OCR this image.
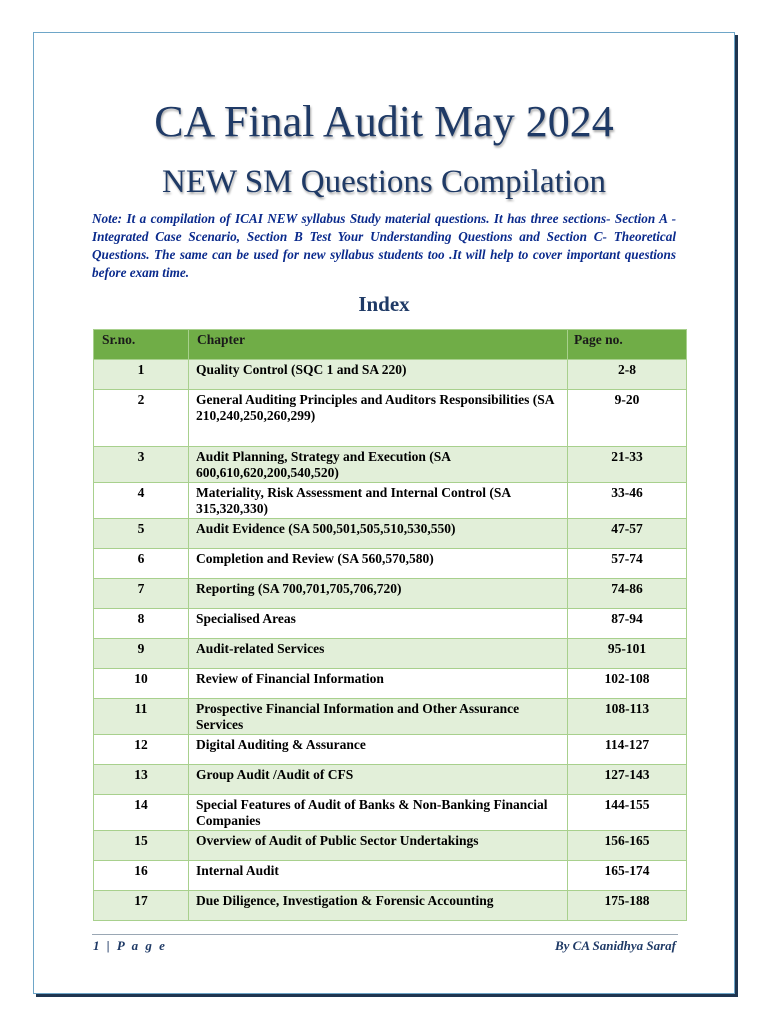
CA Final Audit May 2024
NEW SM Questions Compilation
Note: It a compilation of ICAI NEW syllabus Study material questions. It has three sections- Section A - Integrated Case Scenario, Section B Test Your Understanding Questions and Section C- Theoretical Questions. The same can be used for new syllabus students too .It will help to cover important questions before exam time.
Index
Sr.no.	Chapter	Page no.
1	Quality Control (SQC 1 and SA 220)	2-8
2	General Auditing Principles and Auditors Responsibilities (SA 210,240,250,260,299)	9-20
3	Audit Planning, Strategy and Execution (SA 600,610,620,200,540,520)	21-33
4	Materiality, Risk Assessment and Internal Control (SA 315,320,330)	33-46
5	Audit Evidence (SA 500,501,505,510,530,550)	47-57
6	Completion and Review (SA 560,570,580)	57-74
7	Reporting (SA 700,701,705,706,720)	74-86
8	Specialised Areas	87-94
9	Audit-related Services	95-101
10	Review of Financial Information	102-108
11	Prospective Financial Information and Other Assurance Services	108-113
12	Digital Auditing & Assurance	114-127
13	Group Audit /Audit of CFS	127-143
14	Special Features of Audit of Banks & Non-Banking Financial Companies	144-155
15	Overview of Audit of Public Sector Undertakings	156-165
16	Internal Audit	165-174
17	Due Diligence, Investigation & Forensic Accounting	175-188
1 | P a g e	By CA Sanidhya Saraf
